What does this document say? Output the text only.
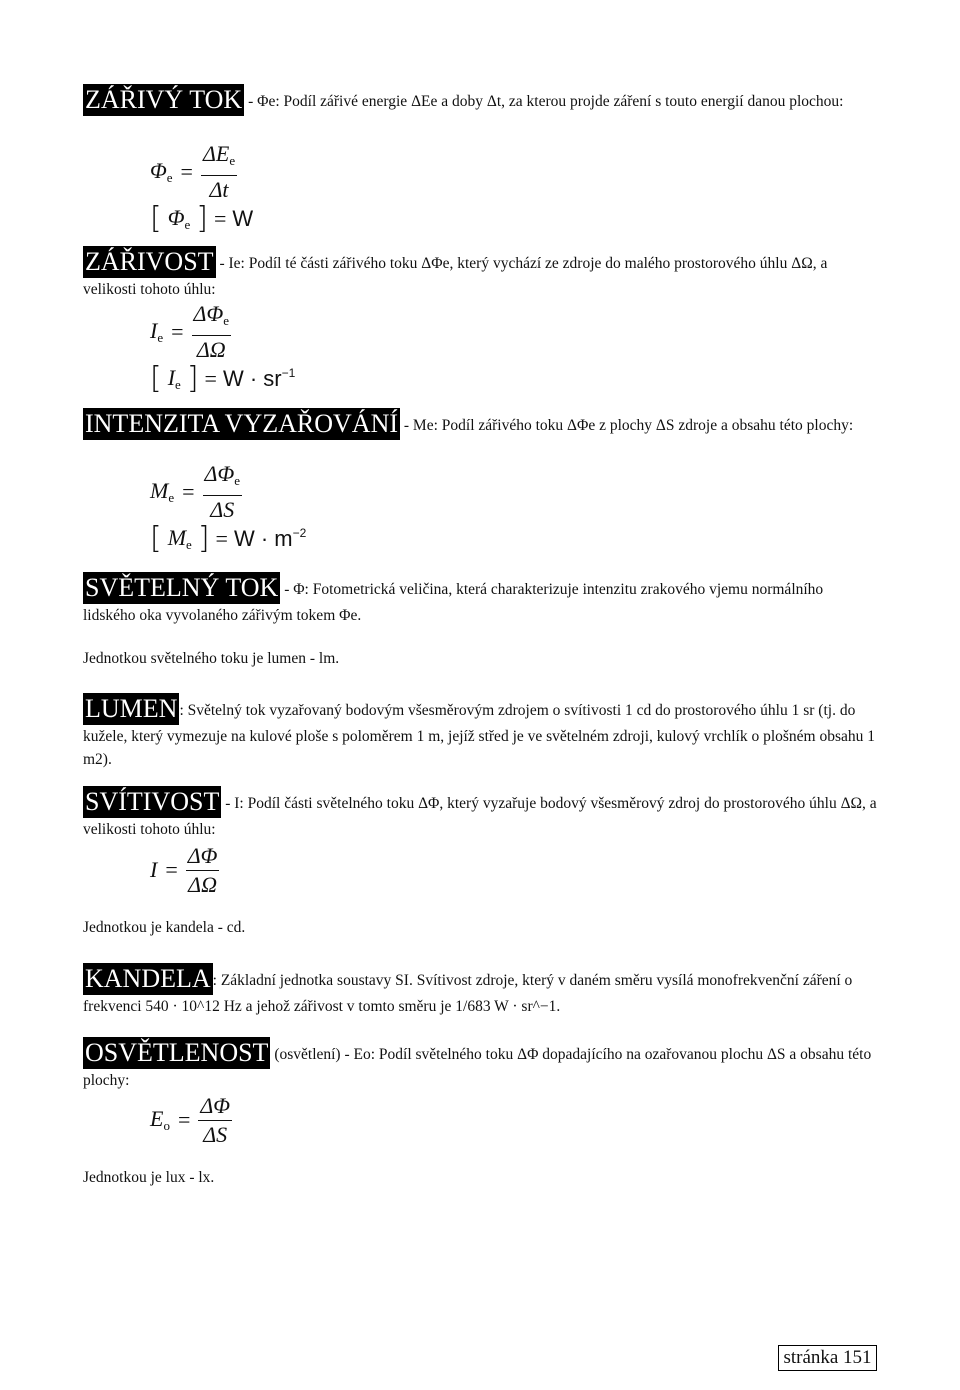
ZÁŘIVÝ TOK - Φe: Podíl zářivé energie ΔEe a doby Δt, za kterou projde záření s touto energií danou plochou:

$\Phi_e = \frac{\Delta E_e}{\Delta t}$
[ $\Phi_e$ ] = W

ZÁŘIVOST - Ie: Podíl té části zářivého toku ΔΦe, který vychází ze zdroje do malého prostorového úhlu ΔΩ, a velikosti tohoto úhlu:

$I_e = \frac{\Delta\Phi_e}{\Delta\Omega}$
[ $I_e$ ] = $W \cdot sr^{-1}$

INTENZITA VYZAŘOVÁNÍ - Me: Podíl zářivého toku ΔΦe z plochy ΔS zdroje a obsahu této plochy:

$M_e = \frac{\Delta\Phi_e}{\Delta S}$
[ $M_e$ ] = $W \cdot m^{-2}$

SVĚTELNÝ TOK - Φ: Fotometrická veličina, která charakterizuje intenzitu zrakového vjemu normálního lidského oka vyvolaného zářivým tokem Φe.

Jednotkou světelného toku je lumen - lm.

LUMEN : Světelný tok vyzařovaný bodovým všesměrovým zdrojem o svítivosti 1 cd do prostorového úhlu 1 sr (tj. do kužele, který vymezuje na kulové ploše s poloměrem 1 m, jejíž střed je ve světelném zdroji, kulový vrchlík o plošném obsahu 1 m2).

SVÍTIVOST - I: Podíl části světelného toku ΔΦ, který vyzařuje bodový všesměrový zdroj do prostorového úhlu ΔΩ, a velikosti tohoto úhlu:

$I = \frac{\Delta\Phi}{\Delta\Omega}$
Jednotkou je kandela - cd.

KANDELA : Základní jednotka soustavy SI. Svítivost zdroje, který v daném směru vysílá monofrekvenční záření o frekvenci 540 · 10^12 Hz a jehož zářivost v tomto směru je 1/683 W · sr^−1.

OSVĚTLENOST (osvětlení) - Eo: Podíl světelného toku ΔΦ dopadajícího na ozařovanou plochu ΔS a obsahu této plochy:

$E_o = \frac{\Delta\Phi}{\Delta S}$
Jednotkou je lux - lx.
stránka 151
